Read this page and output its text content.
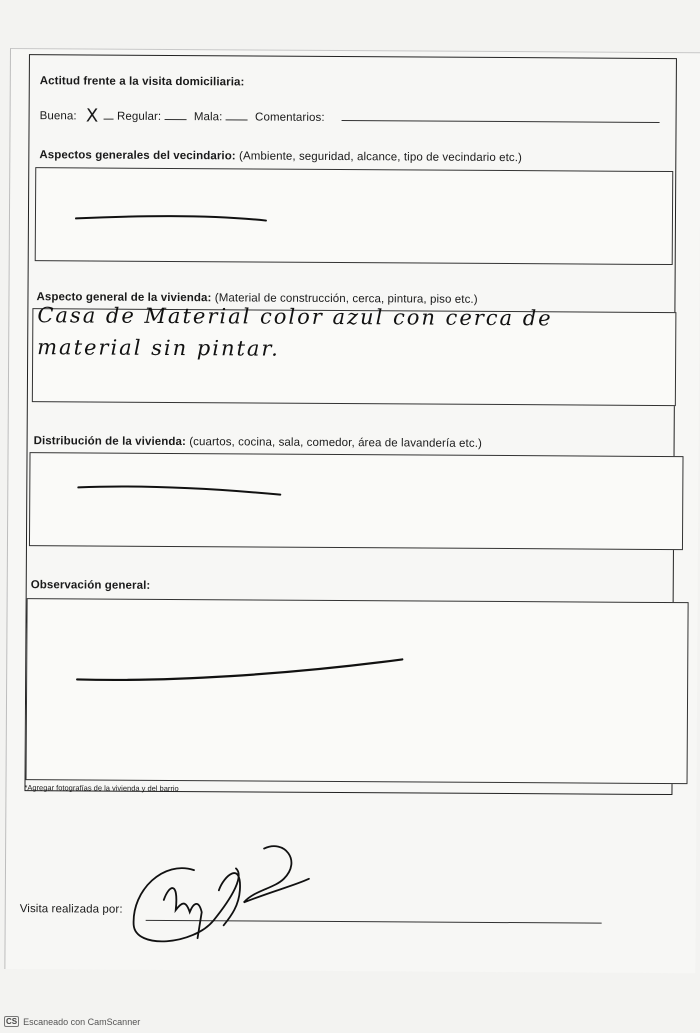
Actitud frente a la visita domiciliaria:
Buena: X Regular:	Mala:	Comentarios:
Aspectos generales del vecindario: (Ambiente, seguridad, alcance, tipo de vecindario etc.)
Aspecto general de la vivienda: (Material de construcción, cerca, pintura, piso etc.)
Casa de Material color azul con cerca de
material sin pintar.
Distribución de la vivienda: (cuartos, cocina, sala, comedor, área de lavandería etc.)
Observación general:
*Agregar fotografías de la vivienda y del barrio
Visita realizada por:
CS Escaneado con CamScanner
